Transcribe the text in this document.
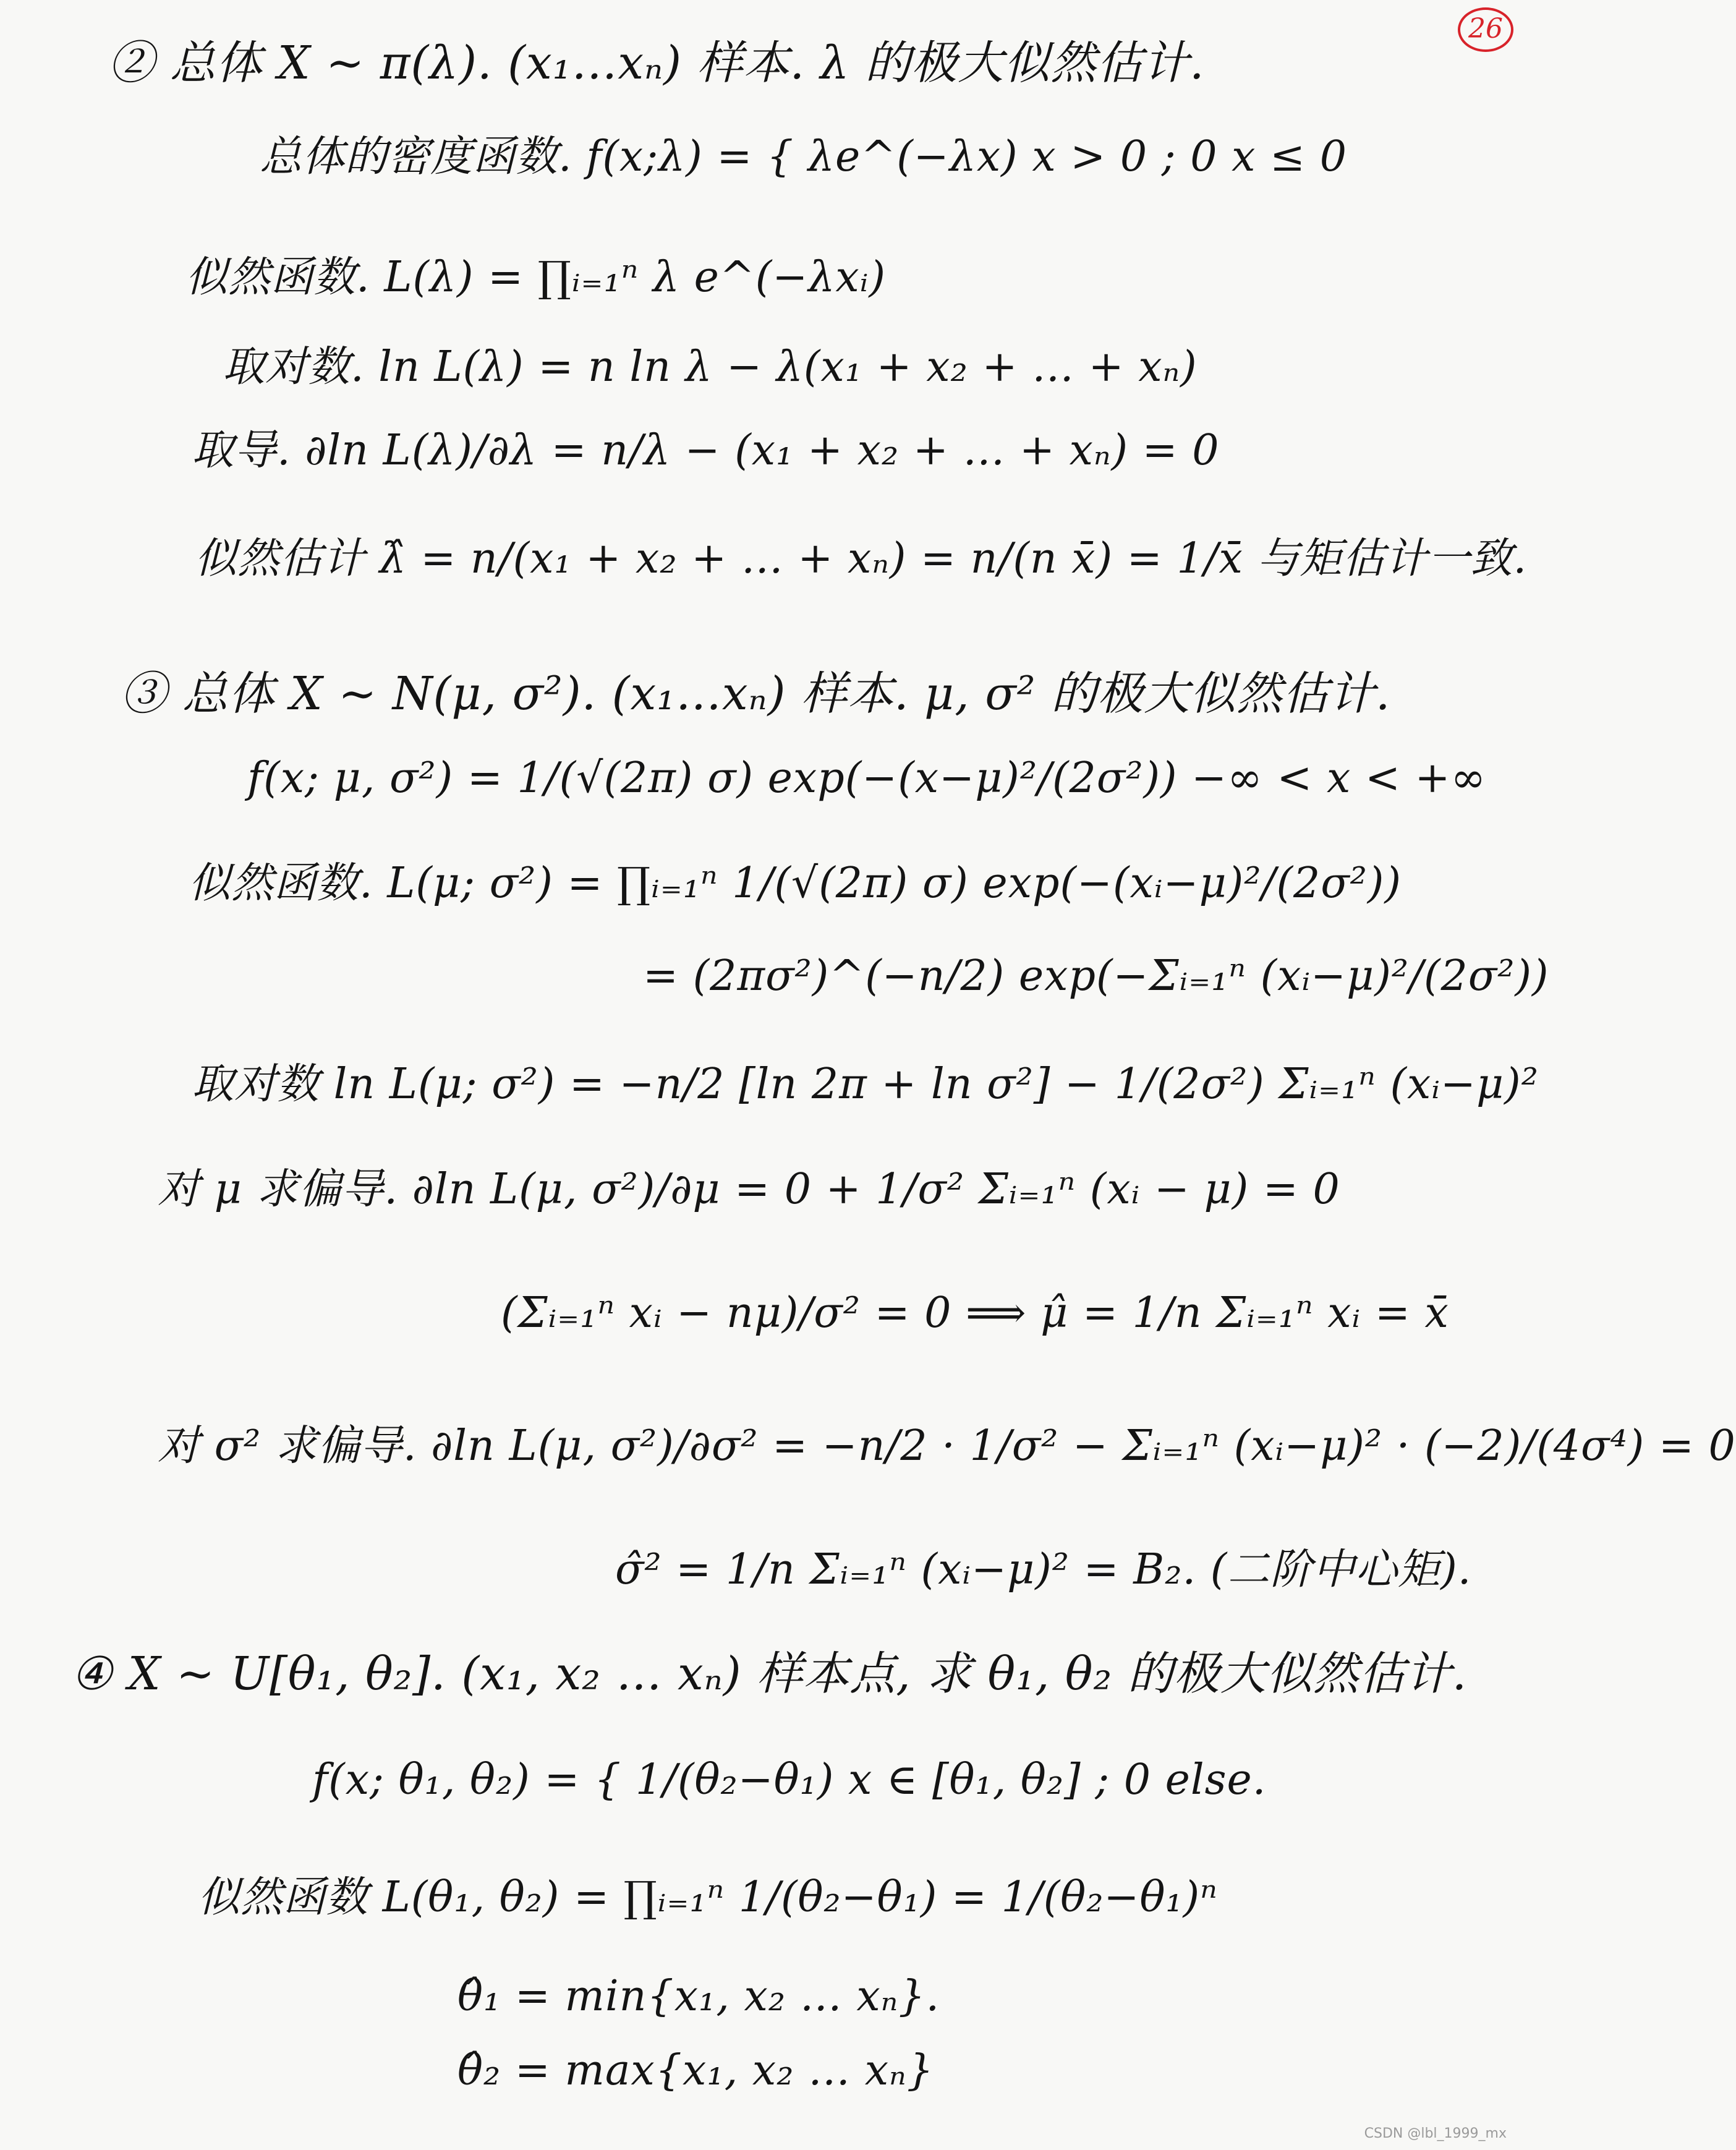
26
② 总体 X ~ π(λ). (x₁…xₙ) 样本. λ 的极大似然估计.
总体的密度函数. f(x;λ) = { λe^(−λx) x > 0 ; 0 x ≤ 0
似然函数. L(λ) = ∏ᵢ₌₁ⁿ λ e^(−λxᵢ)
取对数. ln L(λ) = n ln λ − λ(x₁ + x₂ + … + xₙ)
取导. ∂ln L(λ)/∂λ = n/λ − (x₁ + x₂ + … + xₙ) = 0
似然估计 λ̂ = n/(x₁ + x₂ + … + xₙ) = n/(n x̄) = 1/x̄ 与矩估计一致.
③ 总体 X ~ N(μ, σ²). (x₁…xₙ) 样本. μ, σ² 的极大似然估计.
f(x; μ, σ²) = 1/(√(2π) σ) exp(−(x−μ)²/(2σ²)) −∞ < x < +∞
似然函数. L(μ; σ²) = ∏ᵢ₌₁ⁿ 1/(√(2π) σ) exp(−(xᵢ−μ)²/(2σ²))
= (2πσ²)^(−n/2) exp(−Σᵢ₌₁ⁿ (xᵢ−μ)²/(2σ²))
取对数 ln L(μ; σ²) = −n/2 [ln 2π + ln σ²] − 1/(2σ²) Σᵢ₌₁ⁿ (xᵢ−μ)²
对 μ 求偏导. ∂ln L(μ, σ²)/∂μ = 0 + 1/σ² Σᵢ₌₁ⁿ (xᵢ − μ) = 0
(Σᵢ₌₁ⁿ xᵢ − nμ)/σ² = 0 ⟹ μ̂ = 1/n Σᵢ₌₁ⁿ xᵢ = x̄
对 σ² 求偏导. ∂ln L(μ, σ²)/∂σ² = −n/2 · 1/σ² − Σᵢ₌₁ⁿ (xᵢ−μ)² · (−2)/(4σ⁴) = 0
σ̂² = 1/n Σᵢ₌₁ⁿ (xᵢ−μ)² = B₂. (二阶中心矩).
④ X ~ U[θ₁, θ₂]. (x₁, x₂ … xₙ) 样本点, 求 θ₁, θ₂ 的极大似然估计.
f(x; θ₁, θ₂) = { 1/(θ₂−θ₁) x ∈ [θ₁, θ₂] ; 0 else.
似然函数 L(θ₁, θ₂) = ∏ᵢ₌₁ⁿ 1/(θ₂−θ₁) = 1/(θ₂−θ₁)ⁿ
θ̂₁ = min{x₁, x₂ … xₙ}.
θ̂₂ = max{x₁, x₂ … xₙ}
CSDN @lbl_1999_mx
